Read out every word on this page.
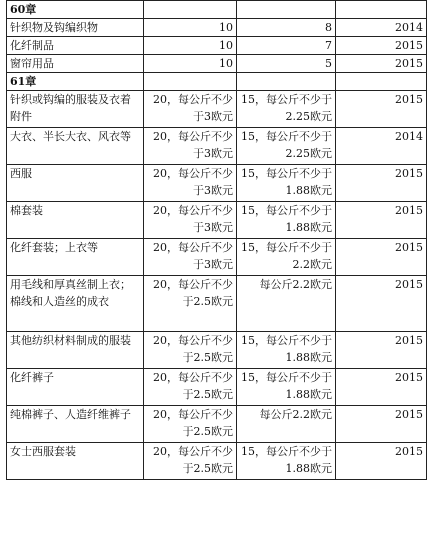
60章			
针织物及钩编织物	10	8	2014
化纤制品	10	7	2015
窗帘用品	10	5	2015
61章			
针织或钩编的服装及衣着附件	20，每公斤不少于3欧元	15，每公斤不少于2.25欧元	2015
大衣、半长大衣、风衣等	20，每公斤不少于3欧元	15，每公斤不少于2.25欧元	2014
西服	20，每公斤不少于3欧元	15，每公斤不少于1.88欧元	2015
棉套装	20，每公斤不少于3欧元	15，每公斤不少于1.88欧元	2015
化纤套装；上衣等	20，每公斤不少于3欧元	15，每公斤不少于2.2欧元	2015
用毛线和厚真丝制上衣；棉线和人造丝的成衣	20，每公斤不少于2.5欧元	每公斤2.2欧元	2015
其他纺织材料制成的服装	20，每公斤不少于2.5欧元	15，每公斤不少于1.88欧元	2015
化纤裤子	20，每公斤不少于2.5欧元	15，每公斤不少于1.88欧元	2015
纯棉裤子、人造纤维裤子	20，每公斤不少于2.5欧元	每公斤2.2欧元	2015
女士西服套装	20，每公斤不少于2.5欧元	15，每公斤不少于1.88欧元	2015
